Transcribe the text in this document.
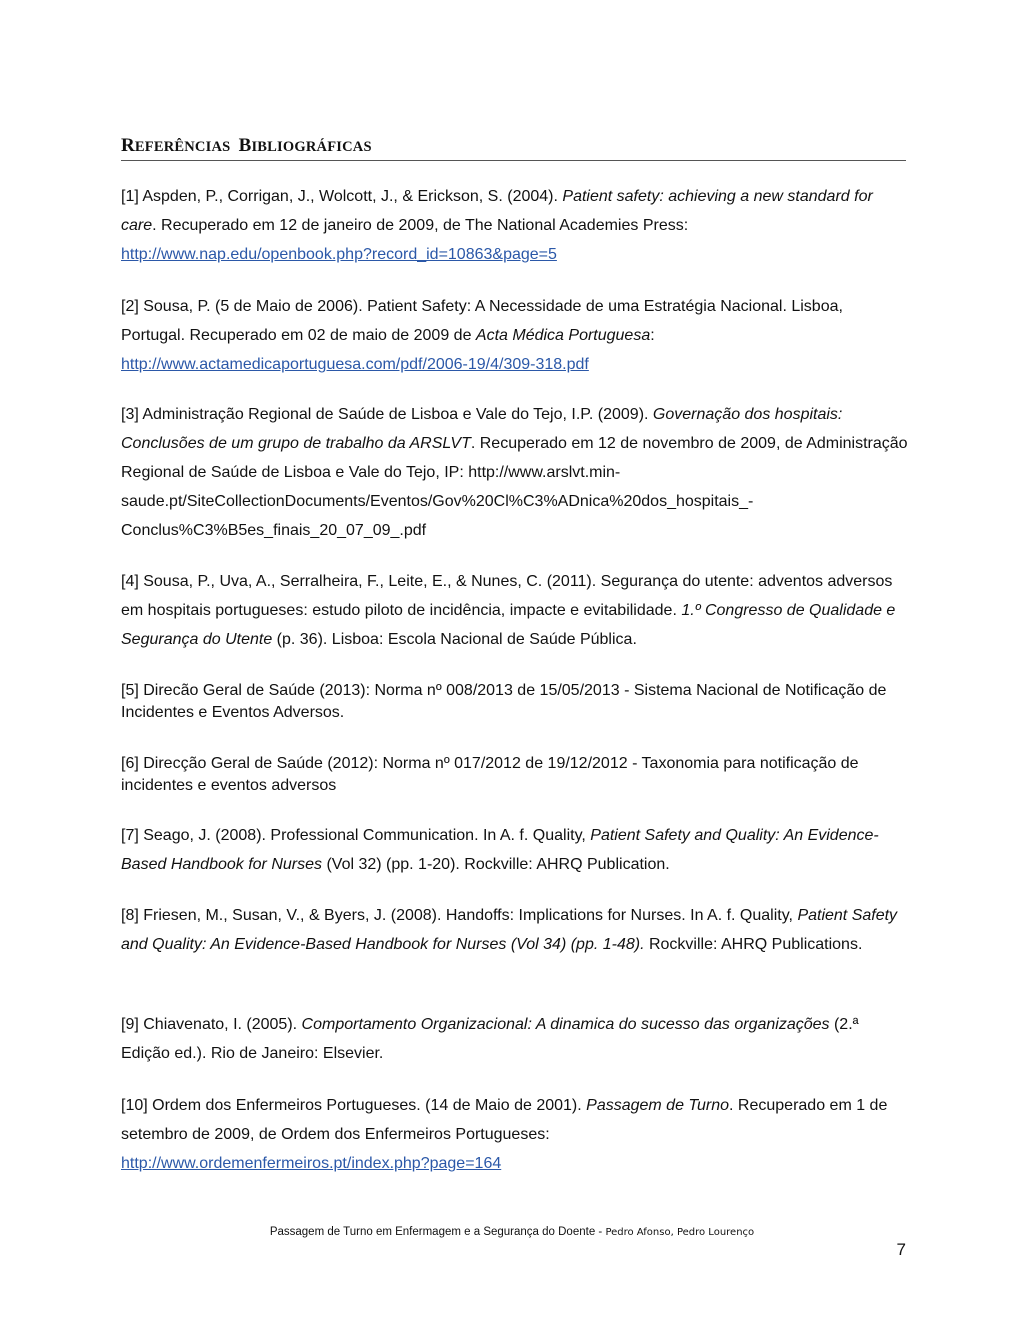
REFERÊNCIAS BIBLIOGRÁFICAS

[1] Aspden, P., Corrigan, J., Wolcott, J., & Erickson, S. (2004). Patient safety: achieving a new standard for care. Recuperado em 12 de janeiro de 2009, de The National Academies Press:
http://www.nap.edu/openbook.php?record_id=10863&page=5

[2] Sousa, P. (5 de Maio de 2006). Patient Safety: A Necessidade de uma Estratégia Nacional. Lisboa, Portugal. Recuperado em 02 de maio de 2009 de Acta Médica Portuguesa:
http://www.actamedicaportuguesa.com/pdf/2006-19/4/309-318.pdf

[3] Administração Regional de Saúde de Lisboa e Vale do Tejo, I.P. (2009). Governação dos hospitais: Conclusões de um grupo de trabalho da ARSLVT. Recuperado em 12 de novembro de 2009, de Administração Regional de Saúde de Lisboa e Vale do Tejo, IP: http://www.arslvt.min-saude.pt/SiteCollectionDocuments/Eventos/Gov%20Cl%C3%ADnica%20dos_hospitais_-Conclus%C3%B5es_finais_20_07_09_.pdf

[4] Sousa, P., Uva, A., Serralheira, F., Leite, E., & Nunes, C. (2011). Segurança do utente: adventos adversos em hospitais portugueses: estudo piloto de incidência, impacte e evitabilidade. 1.º Congresso de Qualidade e Segurança do Utente (p. 36). Lisboa: Escola Nacional de Saúde Pública.

[5] Direcão Geral de Saúde (2013): Norma nº 008/2013 de 15/05/2013 - Sistema Nacional de Notificação de Incidentes e Eventos Adversos.

[6] Direcção Geral de Saúde (2012): Norma nº 017/2012 de 19/12/2012 - Taxonomia para notificação de incidentes e eventos adversos

[7] Seago, J. (2008). Professional Communication. In A. f. Quality, Patient Safety and Quality: An Evidence-Based Handbook for Nurses (Vol 32) (pp. 1-20). Rockville: AHRQ Publication.

[8] Friesen, M., Susan, V., & Byers, J. (2008). Handoffs: Implications for Nurses. In A. f. Quality, Patient Safety and Quality: An Evidence-Based Handbook for Nurses (Vol 34) (pp. 1-48). Rockville: AHRQ Publications.

[9] Chiavenato, I. (2005). Comportamento Organizacional: A dinamica do sucesso das organizações (2.ª Edição ed.). Rio de Janeiro: Elsevier.

[10] Ordem dos Enfermeiros Portugueses. (14 de Maio de 2001). Passagem de Turno. Recuperado em 1 de setembro de 2009, de Ordem dos Enfermeiros Portugueses:
http://www.ordemenfermeiros.pt/index.php?page=164

Passagem de Turno em Enfermagem e a Segurança do Doente - Pedro Afonso, Pedro Lourenço
7
